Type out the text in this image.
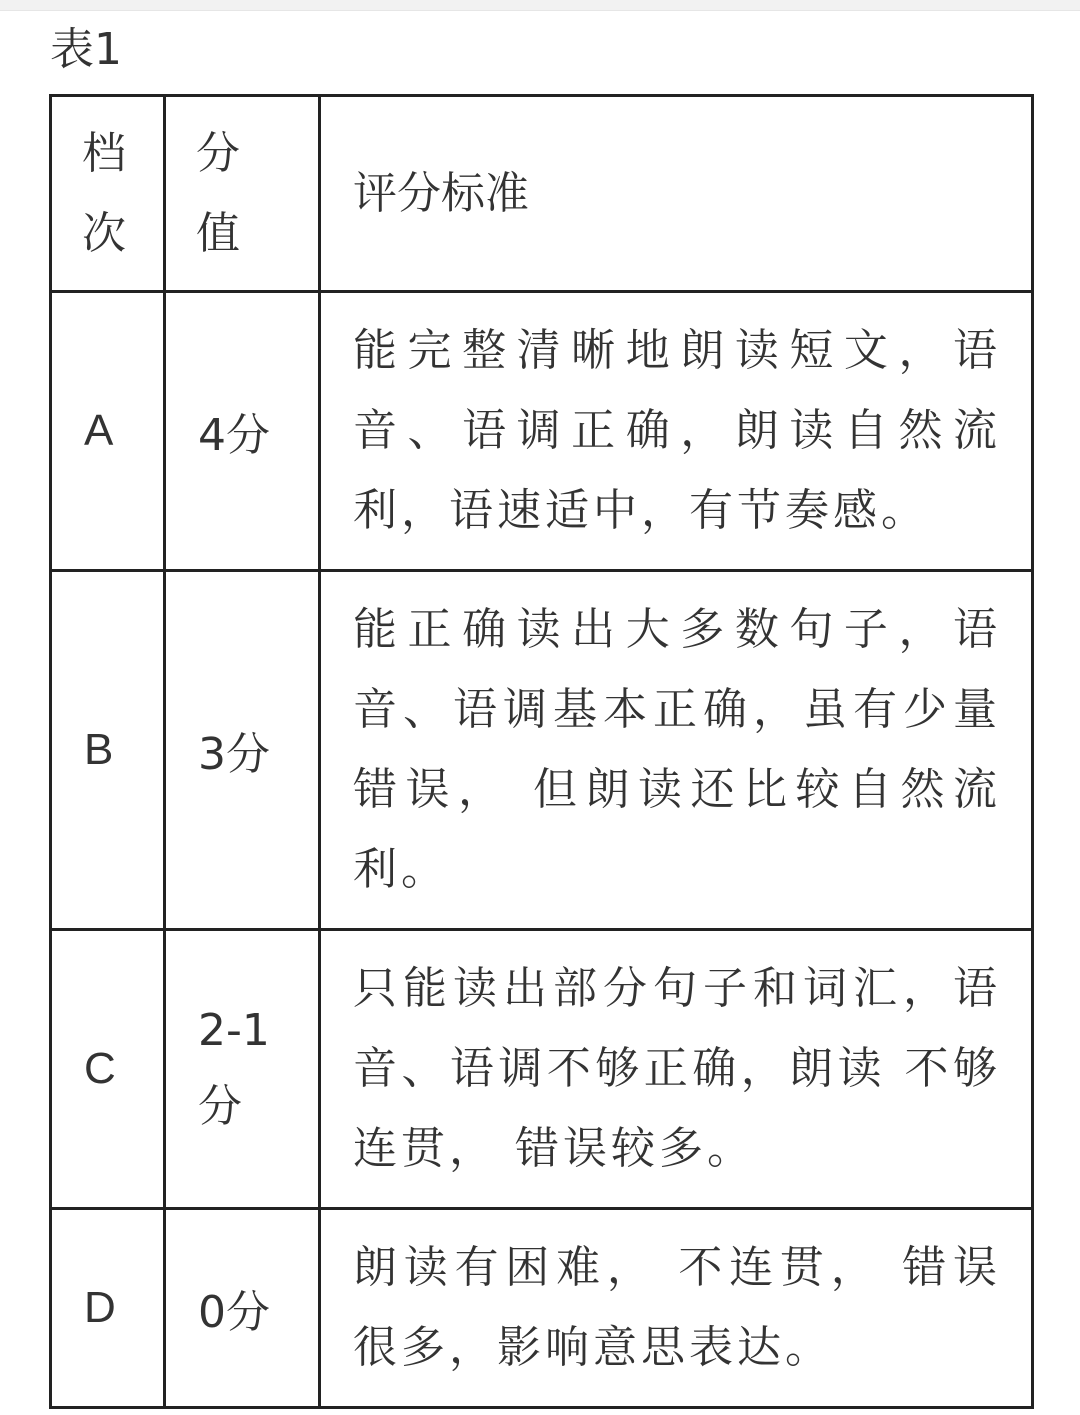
表1
档次	分值	评分标准
A	4分	能完整清晰地朗读短文，语音、语调正确，朗读自然流利，语速适中，有节奏感。
B	3分	能正确读出大多数句子，语音、语调基本正确，虽有少量错误， 但朗读还比较自然流利。
C	2-1 分	只能读出部分句子和词汇，语音、语调不够正确，朗读 不够连贯， 错误较多。
D	0分	朗读有困难， 不连贯， 错误很多，影响意思表达。
